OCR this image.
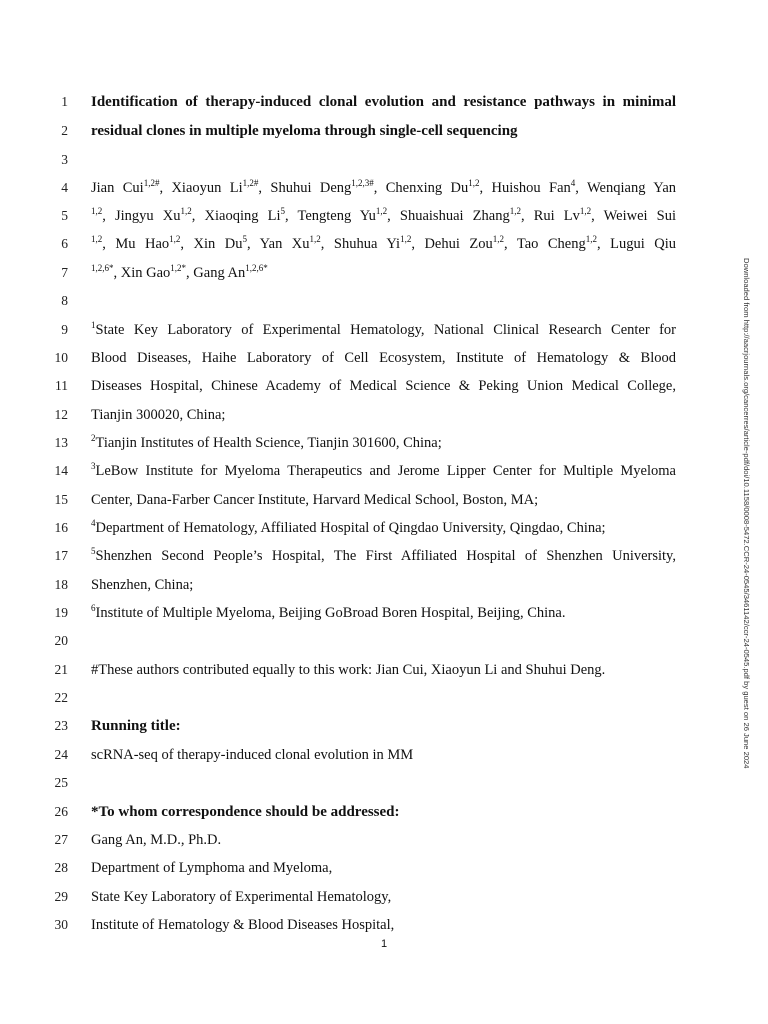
1
2
3
4
5
6
7
8
9
10
11
12
13
14
15
16
17
18
19
20
21
22
23
24
25
26
27
28
29
30
Identification of therapy-induced clonal evolution and resistance pathways in minimal
residual clones in multiple myeloma through single-cell sequencing
Jian Cui$^{1,2\#}$, Xiaoyun $Li^{1,2\#}$, Shuhui Deng$^{1,2,3\#}$, Chenxing Du$^{1,2}$, Huishou Fan$^4$, Wenqiang Yan
$^{1,2}$, Jingyu Xu$^{1,2}$, Xiaoqing Li$^5$, Tengteng Yu$^{1,2}$, Shuaishuai Zhang$^{1,2}$, Rui Lv$^{1,2}$, Weiwei Sui
$^{1,2}$, Mu Hao$^{1,2}$, Xin Du$^5$, Yan Xu$^{1,2}$, Shuhua Yi$^{1,2}$, Dehui Zou$^{1,2}$, Tao Cheng$^{1,2}$, Lugui Qiu
$^{1,2,6*}$, Xin Gao$^{1,2*}$, Gang $An^{1,2,6*}$
$^1$State Key Laboratory of Experimental Hematology, National Clinical Research Center for
Blood Diseases, Haihe Laboratory of Cell Ecosystem, Institute of Hematology & Blood
Diseases Hospital, Chinese Academy of Medical Science & Peking Union Medical College,
Tianjin 300020, China;
$^2$Tianjin Institutes of Health Science, Tianjin 301600, China;
$^3$LeBow Institute for Myeloma Therapeutics and Jerome Lipper Center for Multiple Myeloma
Center, Dana-Farber Cancer Institute, Harvard Medical School, Boston, MA;
$^4$Department of Hematology, Affiliated Hospital of Qingdao University, Qingdao, China;
$^5$Shenzhen Second People’s Hospital, The First Affiliated Hospital of Shenzhen University,
Shenzhen, China;
$^6$Institute of Multiple Myeloma, Beijing GoBroad Boren Hospital, Beijing, China.
#These authors contributed equally to this work: Jian Cui, Xiaoyun Li and Shuhui Deng.
Running title:
scRNA-seq of therapy-induced clonal evolution in MM
*To whom correspondence should be addressed:
Gang An, M.D., Ph.D.
Department of Lymphoma and Myeloma,
State Key Laboratory of Experimental Hematology,
Institute of Hematology & Blood Diseases Hospital,
1
Downloaded from http://aacrjournals.org/cancerres/article-pdf/doi/10.1158/0008-5472.CCR-24-0545/3461142/ccr-24-0545.pdf by guest on 26 June 2024
